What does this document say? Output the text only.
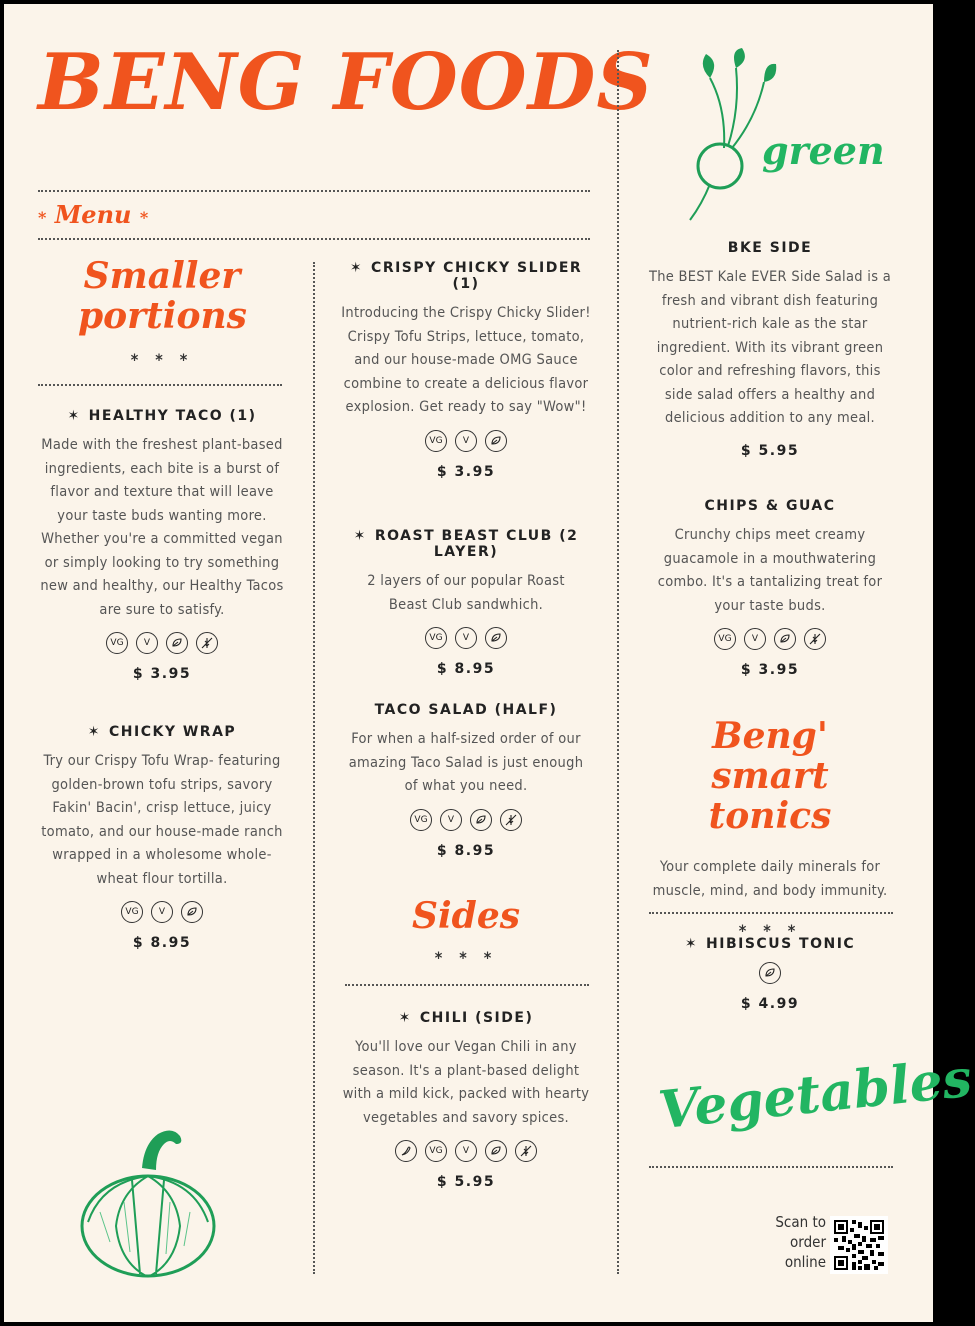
BENG FOODS
* Menu *
Smaller portions
* * *
✶ HEALTHY TACO (1)
Made with the freshest plant-based ingredients, each bite is a burst of flavor and texture that will leave your taste buds wanting more. Whether you're a committed vegan or simply looking to try something new and healthy, our Healthy Tacos are sure to satisfy.
VG	V
$ 3.95
✶ CHICKY WRAP
Try our Crispy Tofu Wrap- featuring golden-brown tofu strips, savory Fakin' Bacin', crisp lettuce, juicy tomato, and our house-made ranch wrapped in a wholesome whole-wheat flour tortilla.
VG	V
$ 8.95
✶ CRISPY CHICKY SLIDER (1)
Introducing the Crispy Chicky Slider! Crispy Tofu Strips, lettuce, tomato, and our house-made OMG Sauce combine to create a delicious flavor explosion. Get ready to say "Wow"!
VG	V
$ 3.95
✶ ROAST BEAST CLUB (2 LAYER)
2 layers of our popular Roast Beast Club sandwhich.
VG	V
$ 8.95
TACO SALAD (HALF)
For when a half-sized order of our amazing Taco Salad is just enough of what you need.
VG	V
$ 8.95
Sides
* * *
✶ CHILI (SIDE)
You'll love our Vegan Chili in any season. It's a plant-based delight with a mild kick, packed with hearty vegetables and savory spices.
VG	V
$ 5.95
green
BKE SIDE
The BEST Kale EVER Side Salad is a fresh and vibrant dish featuring nutrient-rich kale as the star ingredient. With its vibrant green color and refreshing flavors, this side salad offers a healthy and delicious addition to any meal.
$ 5.95
CHIPS & GUAC
Crunchy chips meet creamy guacamole in a mouthwatering combo. It's a tantalizing treat for your taste buds.
VG	V
$ 3.95
Beng' smart tonics
Your complete daily minerals for muscle, mind, and body immunity.
* * *
✶ HIBISCUS TONIC
$ 4.99
Vegetables
Scan to
order
online
